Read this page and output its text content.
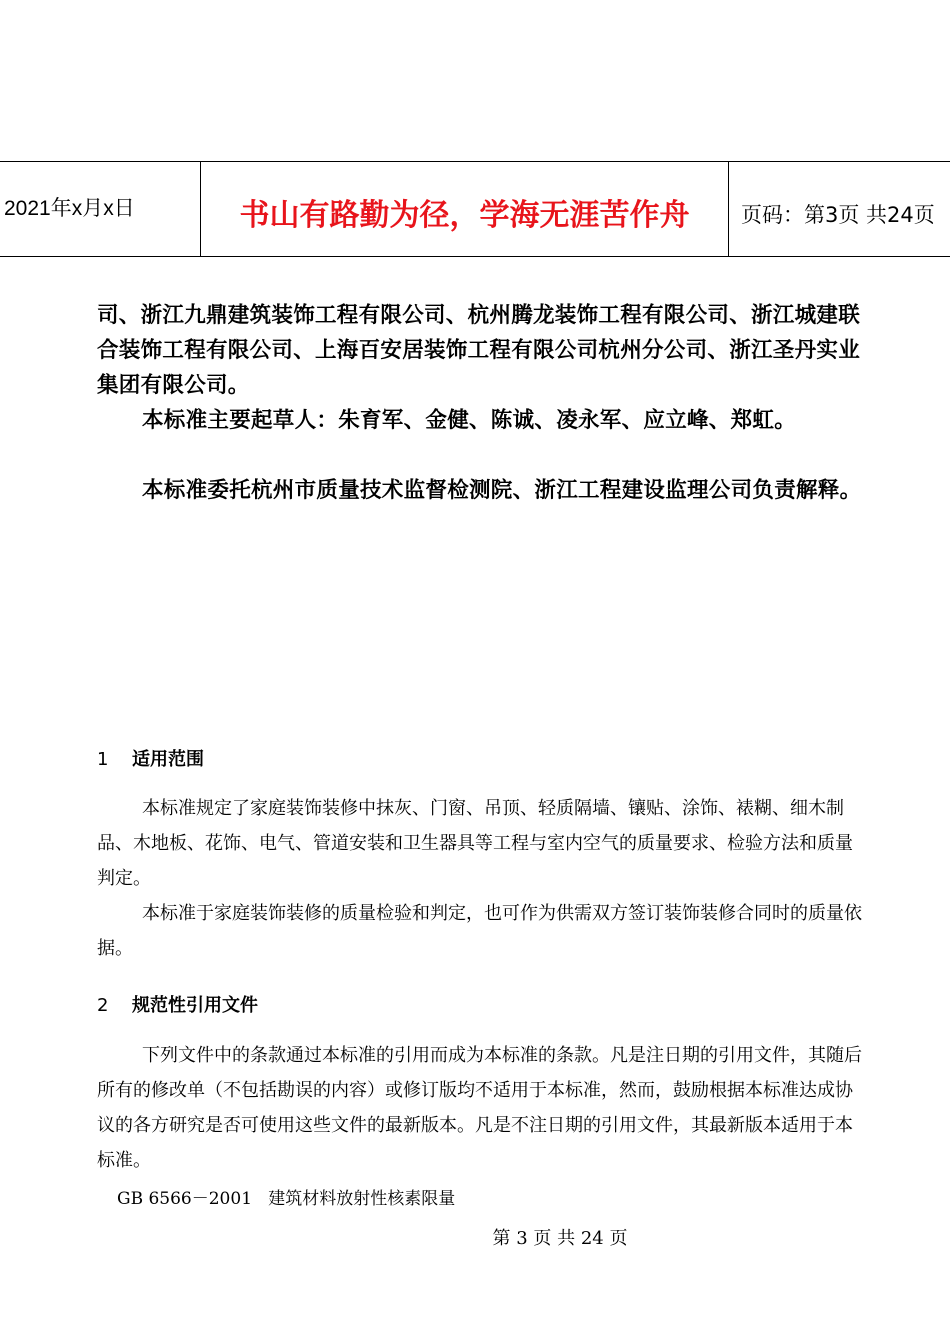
2021年x月x日	书山有路勤为径，学海无涯苦作舟	页码：第3页 共24页

司、浙江九鼎建筑装饰工程有限公司、杭州腾龙装饰工程有限公司、浙江城建联合装饰工程有限公司、上海百安居装饰工程有限公司杭州分公司、浙江圣丹实业集团有限公司。

本标准主要起草人：朱育军、金健、陈诚、凌永军、应立峰、郑虹。

本标准委托杭州市质量技术监督检测院、浙江工程建设监理公司负责解释。

1 适用范围

本标准规定了家庭装饰装修中抹灰、门窗、吊顶、轻质隔墙、镶贴、涂饰、裱糊、细木制品、木地板、花饰、电气、管道安装和卫生器具等工程与室内空气的质量要求、检验方法和质量判定。

本标准于家庭装饰装修的质量检验和判定，也可作为供需双方签订装饰装修合同时的质量依据。

2 规范性引用文件

下列文件中的条款通过本标准的引用而成为本标准的条款。凡是注日期的引用文件，其随后所有的修改单（不包括勘误的内容）或修订版均不适用于本标准，然而，鼓励根据本标准达成协议的各方研究是否可使用这些文件的最新版本。凡是不注日期的引用文件，其最新版本适用于本标准。

GB 6566－2001   建筑材料放射性核素限量
第 3 页 共 24 页
